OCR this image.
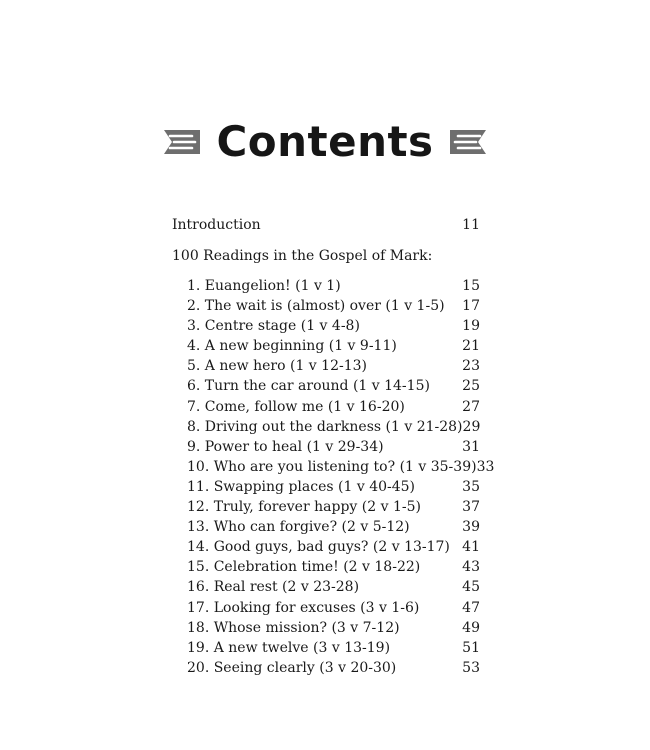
Contents
Introduction	11
100 Readings in the Gospel of Mark:
1. Euangelion! (1 v 1)	15
2. The wait is (almost) over (1 v 1-5) 17
3. Centre stage (1 v 4-8)	19
4. A new beginning (1 v 9-11)	21
5. A new hero (1 v 12-13)	23
6. Turn the car around (1 v 14-15) 25
7. Come, follow me (1 v 16-20)	27
8. Driving out the darkness (1 v 21-28) 29
9. Power to heal (1 v 29-34)	31
10. Who are you listening to? (1 v 35-39) 33
11. Swapping places (1 v 40-45)	35
12. Truly, forever happy (2 v 1-5)	37
13. Who can forgive? (2 v 5-12)	39
14. Good guys, bad guys? (2 v 13-17) 41
15. Celebration time! (2 v 18-22)	43
16. Real rest (2 v 23-28)	45
17. Looking for excuses (3 v 1-6)	47
18. Whose mission? (3 v 7-12)	49
19. A new twelve (3 v 13-19)	51
20. Seeing clearly (3 v 20-30)	53
